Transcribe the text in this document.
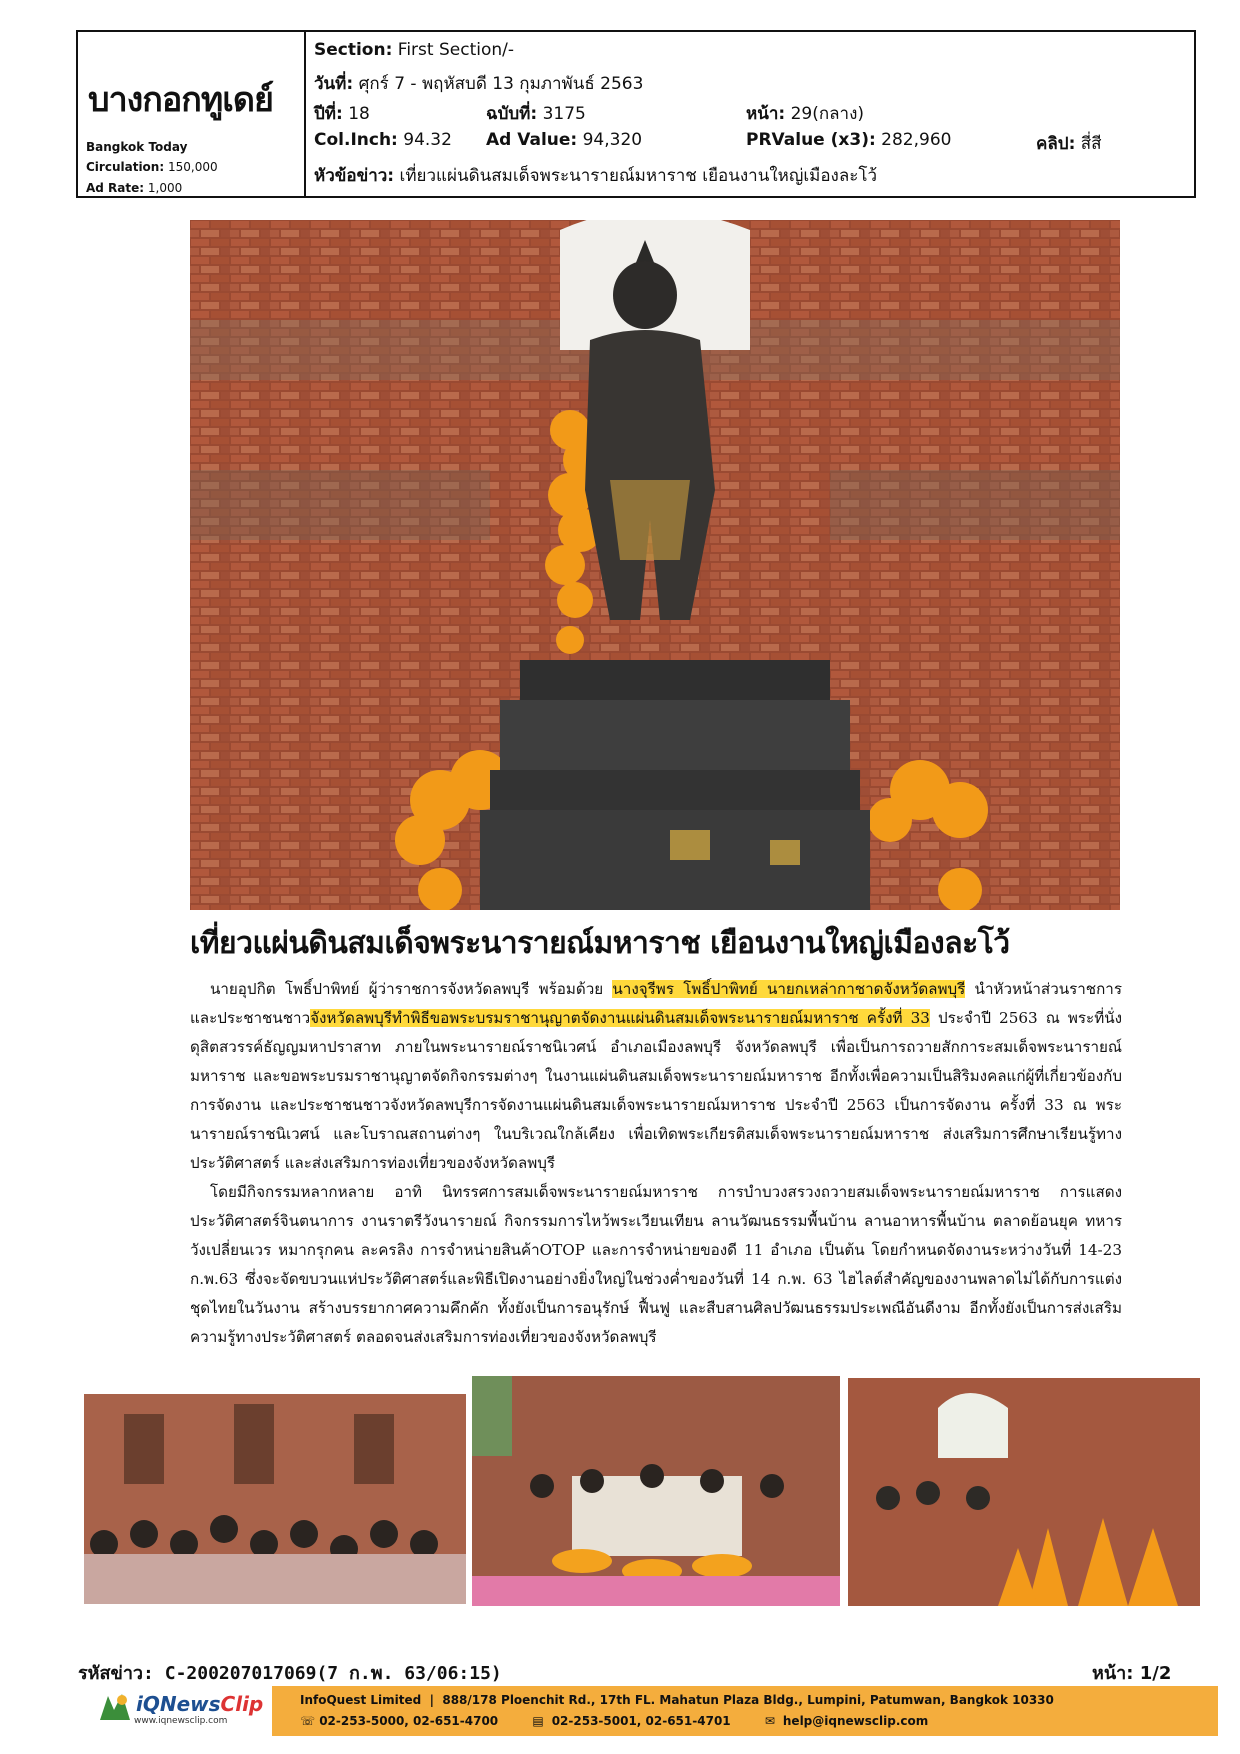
บางกอกทูเดย์
Bangkok Today
Circulation: 150,000
Ad Rate: 1,000
Section: First Section/-
วันที่: ศุกร์ 7 - พฤหัสบดี 13 กุมภาพันธ์ 2563
ปีที่: 18	ฉบับที่: 3175	หน้า: 29(กลาง)
Col.Inch: 94.32 Ad Value: 94,320	PRValue (x3): 282,960	คลิป: สี่สี
หัวข้อข่าว: เที่ยวแผ่นดินสมเด็จพระนารายณ์มหาราช เยือนงานใหญ่เมืองละโว้
เที่ยวแผ่นดินสมเด็จพระนารายณ์มหาราช เยือนงานใหญ่เมืองละโว้

นายอุปกิต โพธิ์ปาพิทย์ ผู้ว่าราชการจังหวัดลพบุรี พร้อมด้วย นางจุรีพร โพธิ์ปาพิทย์ นายกเหล่ากาชาดจังหวัดลพบุรี นำหัวหน้าส่วนราชการ และประชาชนชาวจังหวัดลพบุรีทำพิธีขอพระบรมราชานุญาตจัดงานแผ่นดินสมเด็จพระนารายณ์มหาราช ครั้งที่ 33 ประจำปี 2563 ณ พระที่นั่งดุสิตสวรรค์ธัญญมหาปราสาท ภายในพระนารายณ์ราชนิเวศน์ อำเภอเมืองลพบุรี จังหวัดลพบุรี เพื่อเป็นการถวายสักการะสมเด็จพระนารายณ์มหาราช และขอพระบรมราชานุญาตจัดกิจกรรมต่างๆ ในงานแผ่นดินสมเด็จพระนารายณ์มหาราช อีกทั้งเพื่อความเป็นสิริมงคลแก่ผู้ที่เกี่ยวข้องกับการจัดงาน และประชาชนชาวจังหวัดลพบุรีการจัดงานแผ่นดินสมเด็จพระนารายณ์มหาราช ประจำปี 2563 เป็นการจัดงาน ครั้งที่ 33 ณ พระนารายณ์ราชนิเวศน์ และโบราณสถานต่างๆ ในบริเวณใกล้เคียง เพื่อเทิดพระเกียรติสมเด็จพระนารายณ์มหาราช ส่งเสริมการศึกษาเรียนรู้ทางประวัติศาสตร์ และส่งเสริมการท่องเที่ยวของจังหวัดลพบุรี

โดยมีกิจกรรมหลากหลาย อาทิ นิทรรศการสมเด็จพระนารายณ์มหาราช การบำบวงสรวงถวายสมเด็จพระนารายณ์มหาราช การแสดงประวัติศาสตร์จินตนาการ งานราตรีวังนารายณ์ กิจกรรมการไหว้พระเวียนเทียน ลานวัฒนธรรมพื้นบ้าน ลานอาหารพื้นบ้าน ตลาดย้อนยุค ทหารวังเปลี่ยนเวร หมากรุกคน ละครลิง การจำหน่ายสินค้าOTOP และการจำหน่ายของดี 11 อำเภอ เป็นต้น โดยกำหนดจัดงานระหว่างวันที่ 14-23 ก.พ.63 ซึ่งจะจัดขบวนแห่ประวัติศาสตร์และพิธีเปิดงานอย่างยิ่งใหญ่ในช่วงค่ำของวันที่ 14 ก.พ. 63 ไฮไลต์สำคัญของงานพลาดไม่ได้กับการแต่งชุดไทยในวันงาน สร้างบรรยากาศความคึกคัก ทั้งยังเป็นการอนุรักษ์ ฟื้นฟู และสืบสานศิลปวัฒนธรรมประเพณีอันดีงาม อีกทั้งยังเป็นการส่งเสริมความรู้ทางประวัติศาสตร์ ตลอดจนส่งเสริมการท่องเที่ยวของจังหวัดลพบุรี

รหัสข่าว: C-200207017069(7 ก.พ. 63/06:15)	หน้า: 1/2
iQNewsClip
www.iqnewsclip.com
InfoQuest Limited  |  888/178 Ploenchit Rd., 17th FL. Mahatun Plaza Bldg., Lumpini, Patumwan, Bangkok 10330
☏ 02-253-5000, 02-651-4700	▤ 02-253-5001, 02-651-4701	✉ help@iqnewsclip.com
